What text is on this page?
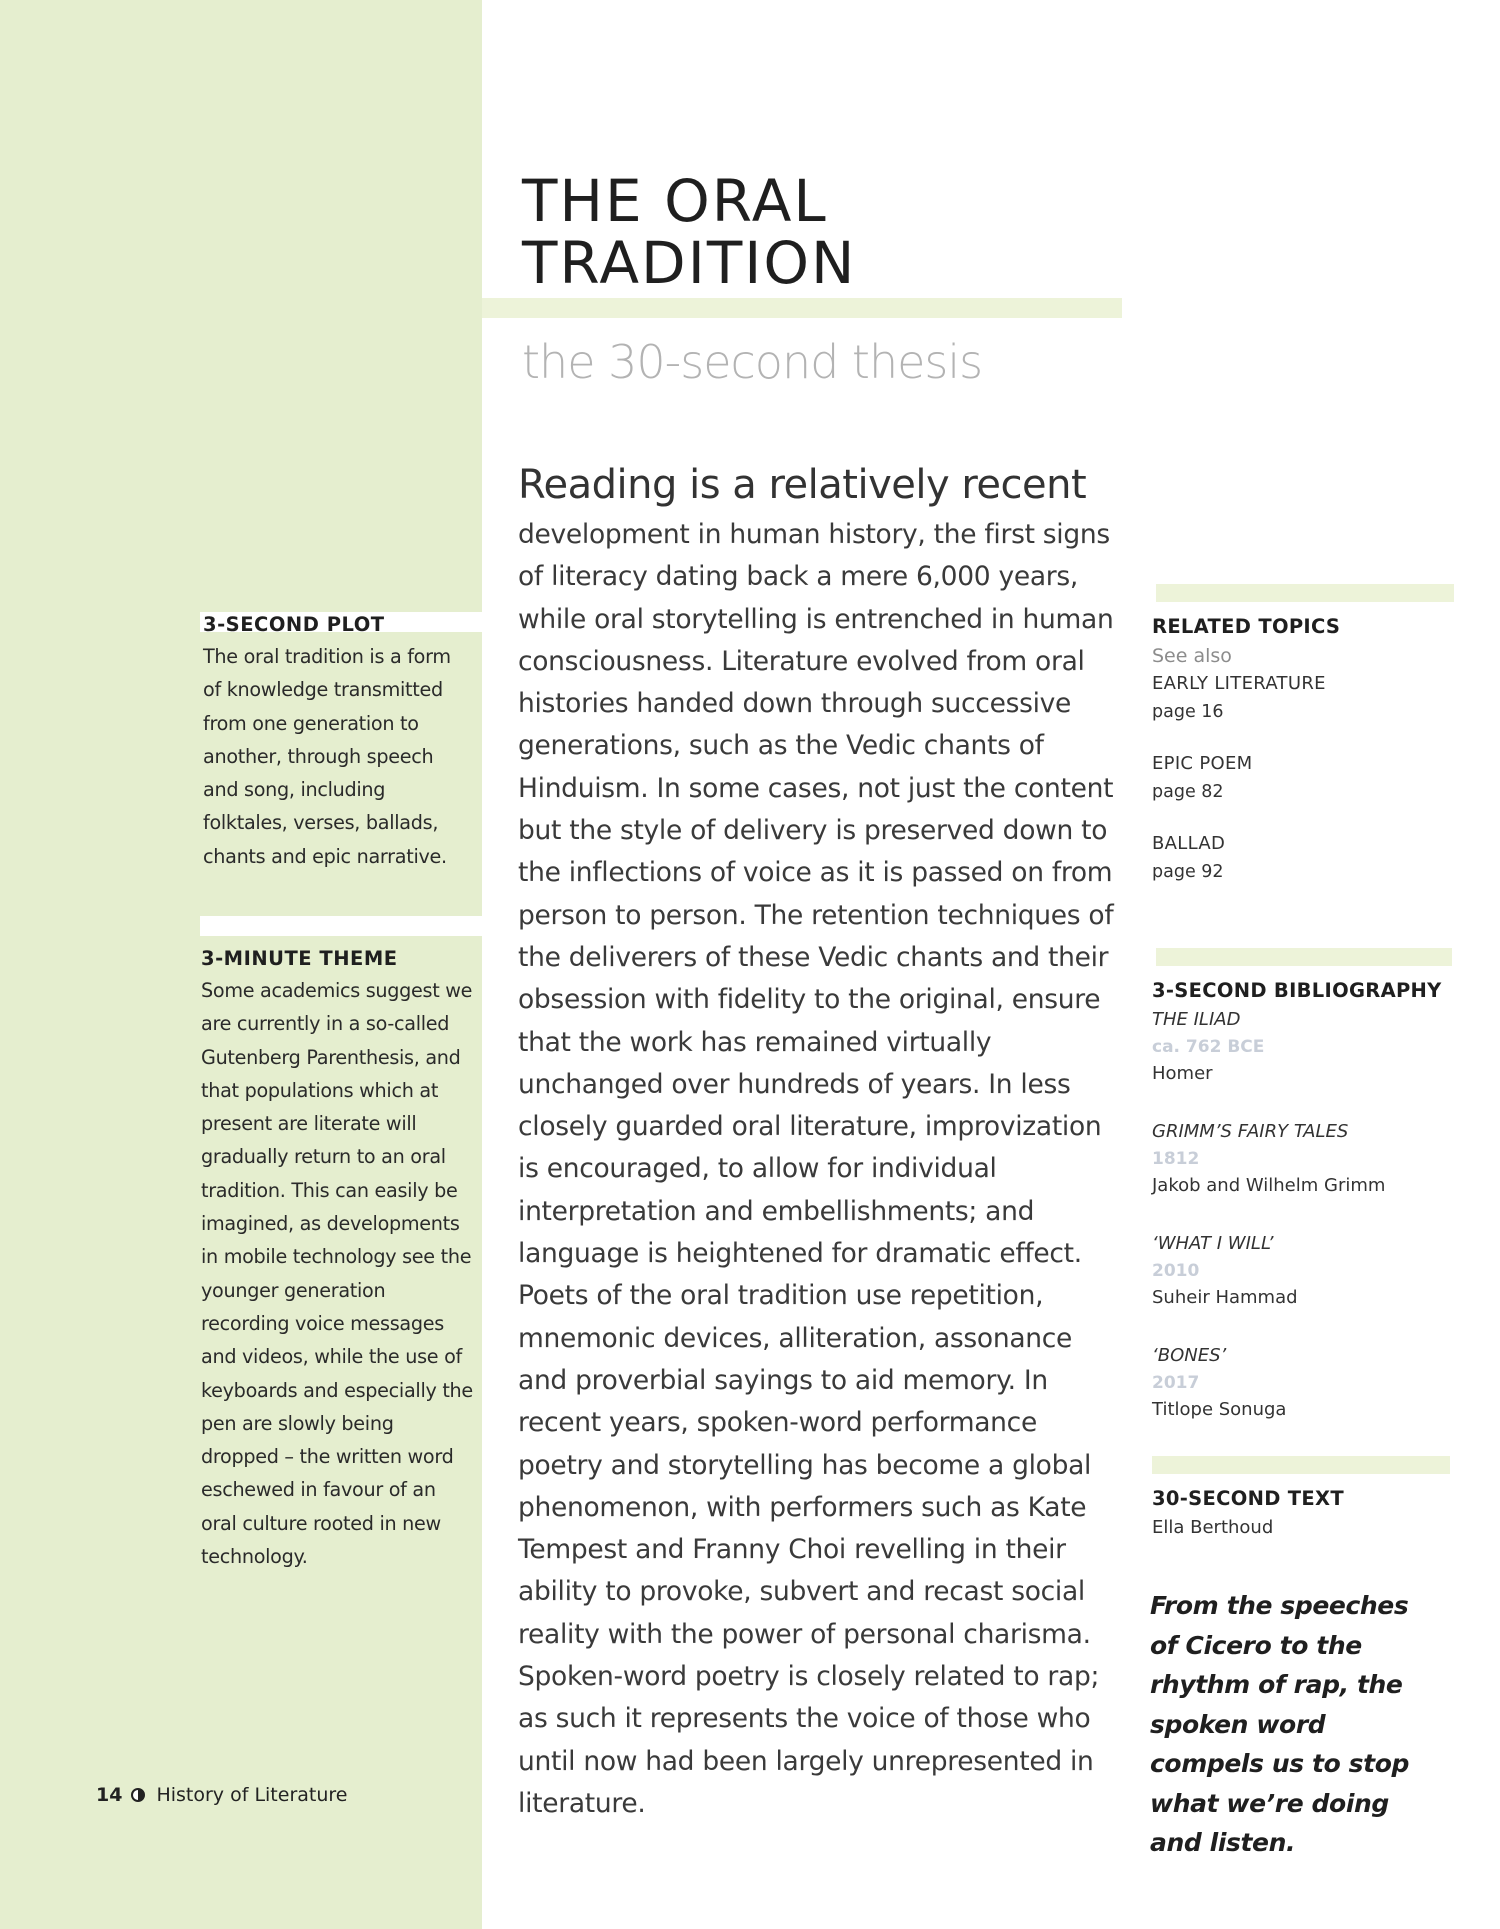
THE ORAL
TRADITION

the 30-second thesis

Reading is a relatively recent

development in human history, the first signs of literacy dating back a mere 6,000 years, while oral storytelling is entrenched in human consciousness. Literature evolved from oral histories handed down through successive generations, such as the Vedic chants of Hinduism. In some cases, not just the content but the style of delivery is preserved down to the inflections of voice as it is passed on from person to person. The retention techniques of the deliverers of these Vedic chants and their obsession with fidelity to the original, ensure that the work has remained virtually unchanged over hundreds of years. In less closely guarded oral literature, improvization is encouraged, to allow for individual interpretation and embellishments; and language is heightened for dramatic effect. Poets of the oral tradition use repetition, mnemonic devices, alliteration, assonance and proverbial sayings to aid memory. In recent years, spoken-word performance poetry and storytelling has become a global phenomenon, with performers such as Kate Tempest and Franny Choi revelling in their ability to provoke, subvert and recast social reality with the power of personal charisma. Spoken-word poetry is closely related to rap; as such it represents the voice of those who until now had been largely unrepresented in literature.

3-SECOND PLOT

The oral tradition is a form of knowledge transmitted from one generation to another, through speech and song, including folktales, verses, ballads, chants and epic narrative.

3-MINUTE THEME

Some academics suggest we are currently in a so-called Gutenberg Parenthesis, and that populations which at present are literate will gradually return to an oral tradition. This can easily be imagined, as developments in mobile technology see the younger generation recording voice messages and videos, while the use of keyboards and especially the pen are slowly being dropped – the written word eschewed in favour of an oral culture rooted in new technology.

14 History of Literature

RELATED TOPICS

See also
EARLY LITERATURE
page 16
EPIC POEM
page 82
BALLAD
page 92

3-SECOND BIBLIOGRAPHY

THE ILIAD
ca. 762 BCE
Homer
GRIMM’S FAIRY TALES
1812
Jakob and Wilhelm Grimm
‘WHAT I WILL’
2010
Suheir Hammad
‘BONES’
2017
Titlope Sonuga

30-SECOND TEXT

Ella Berthoud

From the speeches of Cicero to the rhythm of rap, the spoken word compels us to stop what we’re doing and listen.
